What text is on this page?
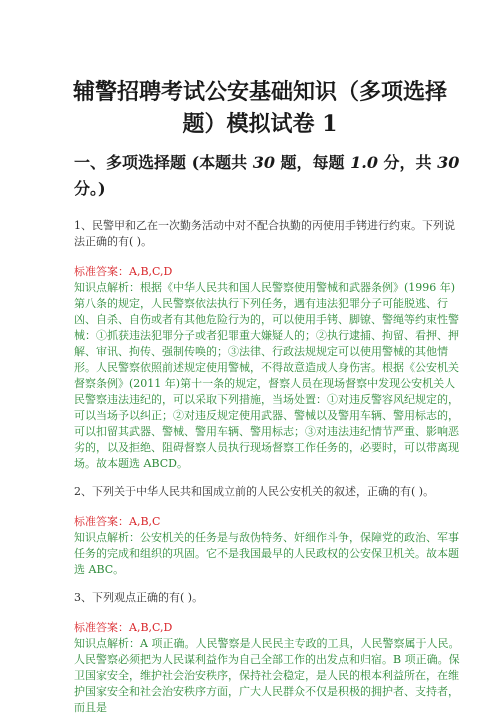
辅警招聘考试公安基础知识（多项选择题）模拟试卷 1
一、多项选择题 (本题共 30 题，每题 1.0 分，共 30 分。)

1、民警甲和乙在一次勤务活动中对不配合执勤的丙使用手铐进行约束。下列说法正确的有( )。

标准答案：A,B,C,D

知识点解析：根据《中华人民共和国人民警察使用警械和武器条例》(1996 年)第八条的规定，人民警察依法执行下列任务，遇有违法犯罪分子可能脱逃、行凶、自杀、自伤或者有其他危险行为的，可以使用手铐、脚镣、警绳等约束性警械：①抓获违法犯罪分子或者犯罪重大嫌疑人的；②执行逮捕、拘留、看押、押解、审讯、拘传、强制传唤的；③法律、行政法规规定可以使用警械的其他情形。人民警察依照前述规定使用警械，不得故意造成人身伤害。根据《公安机关督察条例》(2011 年)第十一条的规定，督察人员在现场督察中发现公安机关人民警察违法违纪的，可以采取下列措施，当场处置：①对违反警容风纪规定的，可以当场予以纠正；②对违反规定使用武器、警械以及警用车辆、警用标志的，可以扣留其武器、警械、警用车辆、警用标志；③对违法违纪情节严重、影响恶劣的，以及拒绝、阻碍督察人员执行现场督察工作任务的，必要时，可以带离现场。故本题选 ABCD。

2、下列关于中华人民共和国成立前的人民公安机关的叙述，正确的有( )。

标准答案：A,B,C

知识点解析：公安机关的任务是与敌伪特务、奸细作斗争，保障党的政治、军事任务的完成和组织的巩固。它不是我国最早的人民政权的公安保卫机关。故本题选 ABC。

3、下列观点正确的有( )。

标准答案：A,B,C,D

知识点解析：A 项正确。人民警察是人民民主专政的工具，人民警察属于人民。人民警察必须把为人民谋利益作为自己全部工作的出发点和归宿。B 项正确。保卫国家安全，维护社会治安秩序，保持社会稳定，是人民的根本利益所在，在维护国家安全和社会治安秩序方面，广大人民群众不仅是积极的拥护者、支持者，而且是
